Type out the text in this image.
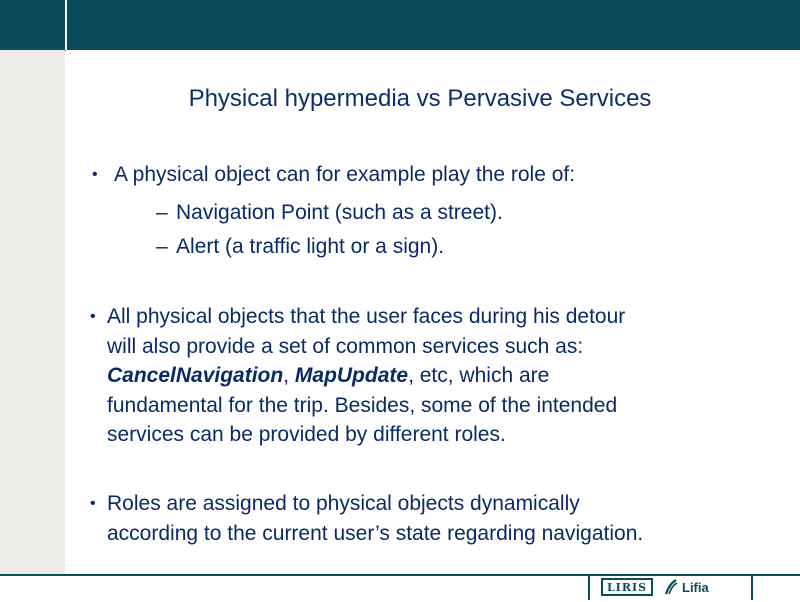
Physical hypermedia vs Pervasive Services
• A physical object can for example play the role of:
– Navigation Point (such as a street).
– Alert (a traffic light or a sign).
• All physical objects that the user faces during his detour
will also provide a set of common services such as:
CancelNavigation, MapUpdate, etc, which are
fundamental for the trip. Besides, some of the intended
services can be provided by different roles.
• Roles are assigned to physical objects dynamically
according to the current user’s state regarding navigation.
LIRIS	Lifia
